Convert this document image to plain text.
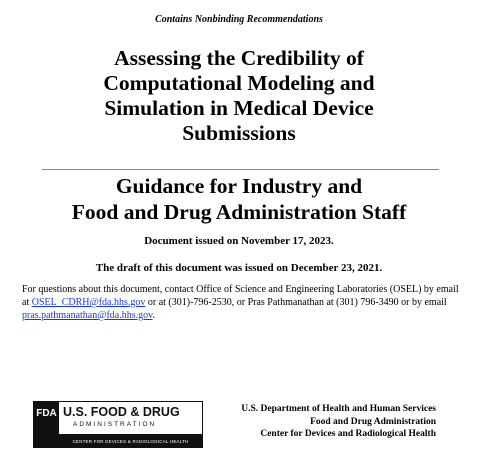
Contains Nonbinding Recommendations
Assessing the Credibility of
Computational Modeling and
Simulation in Medical Device
Submissions
Guidance for Industry and
Food and Drug Administration Staff
Document issued on November 17, 2023.
The draft of this document was issued on December 23, 2021.
For questions about this document, contact Office of Science and Engineering Laboratories (OSEL) by email at OSEL_CDRH@fda.hhs.gov or at (301)-796-2530, or Pras Pathmanathan at (301) 796-3490 or by email pras.pathmanathan@fda.hhs.gov.
FDA U.S. FOOD & DRUG
ADMINISTRATION
CENTER FOR DEVICES & RADIOLOGICAL HEALTH
U.S. Department of Health and Human Services
Food and Drug Administration
Center for Devices and Radiological Health
